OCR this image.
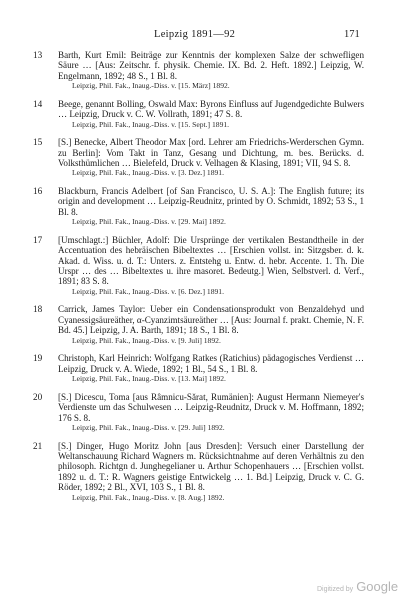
Leipzig 1891—92	171
13	Barth, Kurt Emil: Beiträge zur Kenntnis der komplexen Salze der schwefligen Säure … [Aus: Zeitschr. f. physik. Chemie. IX. Bd. 2. Heft. 1892.] Leipzig, W. Engelmann, 1892; 48 S., 1 Bl. 8.
Leipzig, Phil. Fak., Inaug.-Diss. v. [15. März] 1892.
14	Beege, genannt Bolling, Oswald Max: Byrons Einfluss auf Jugendgedichte Bulwers … Leipzig, Druck v. C. W. Vollrath, 1891; 47 S. 8.
Leipzig, Phil. Fak., Inaug.-Diss. v. [15. Sept.] 1891.
15	[S.] Benecke, Albert Theodor Max [ord. Lehrer am Friedrichs-Werderschen Gymn. zu Berlin]: Vom Takt in Tanz, Gesang und Dichtung, m. bes. Berücks. d. Volksthümlichen … Bielefeld, Druck v. Velhagen & Klasing, 1891; VII, 94 S. 8.
Leipzig, Phil. Fak., Inaug.-Diss. v. [3. Dez.] 1891.
16	Blackburn, Francis Adelbert [of San Francisco, U. S. A.]: The English future; its origin and development … Leipzig-Reudnitz, printed by O. Schmidt, 1892; 53 S., 1 Bl. 8.
Leipzig, Phil. Fak., Inaug.-Diss. v. [29. Mai] 1892.
17	[Umschlagt.:] Büchler, Adolf: Die Ursprünge der vertikalen Bestandtheile in der Accentuation des hebräischen Bibeltextes … [Erschien vollst. in: Sitzgsber. d. k. Akad. d. Wiss. u. d. T.: Unters. z. Entstehg u. Entw. d. hebr. Accente. 1. Th. Die Urspr … des … Bibeltextes u. ihre masoret. Bedeutg.] Wien, Selbstverl. d. Verf., 1891; 83 S. 8.
Leipzig, Phil. Fak., Inaug.-Diss. v. [6. Dez.] 1891.
18	Carrick, James Taylor: Ueber ein Condensationsprodukt von Benzaldehyd und Cyanessigsäureäther, α-Cyanzimtsäureäther … [Aus: Journal f. prakt. Chemie, N. F. Bd. 45.] Leipzig, J. A. Barth, 1891; 18 S., 1 Bl. 8.
Leipzig, Phil. Fak., Inaug.-Diss. v. [9. Juli] 1892.
19	Christoph, Karl Heinrich: Wolfgang Ratkes (Ratichius) pädagogisches Verdienst … Leipzig, Druck v. A. Wiede, 1892; 1 Bl., 54 S., 1 Bl. 8.
Leipzig, Phil. Fak., Inaug.-Diss. v. [13. Mai] 1892.
20	[S.] Dicescu, Toma [aus Râmnicu-Sărat, Rumänien]: August Hermann Niemeyer's Verdienste um das Schulwesen … Leipzig-Reudnitz, Druck v. M. Hoffmann, 1892; 176 S. 8.
Leipzig, Phil. Fak., Inaug.-Diss. v. [29. Juli] 1892.
21	[S.] Dinger, Hugo Moritz John [aus Dresden]: Versuch einer Darstellung der Weltanschauung Richard Wagners m. Rücksichtnahme auf deren Verhältnis zu den philosoph. Richtgn d. Junghegelianer u. Arthur Schopenhauers … [Erschien vollst. 1892 u. d. T.: R. Wagners geistige Entwickelg … 1. Bd.] Leipzig, Druck v. C. G. Röder, 1892; 2 Bl., XVI, 103 S., 1 Bl. 8.
Leipzig, Phil. Fak., Inaug.-Diss. v. [8. Aug.] 1892.
Digitized by Google
